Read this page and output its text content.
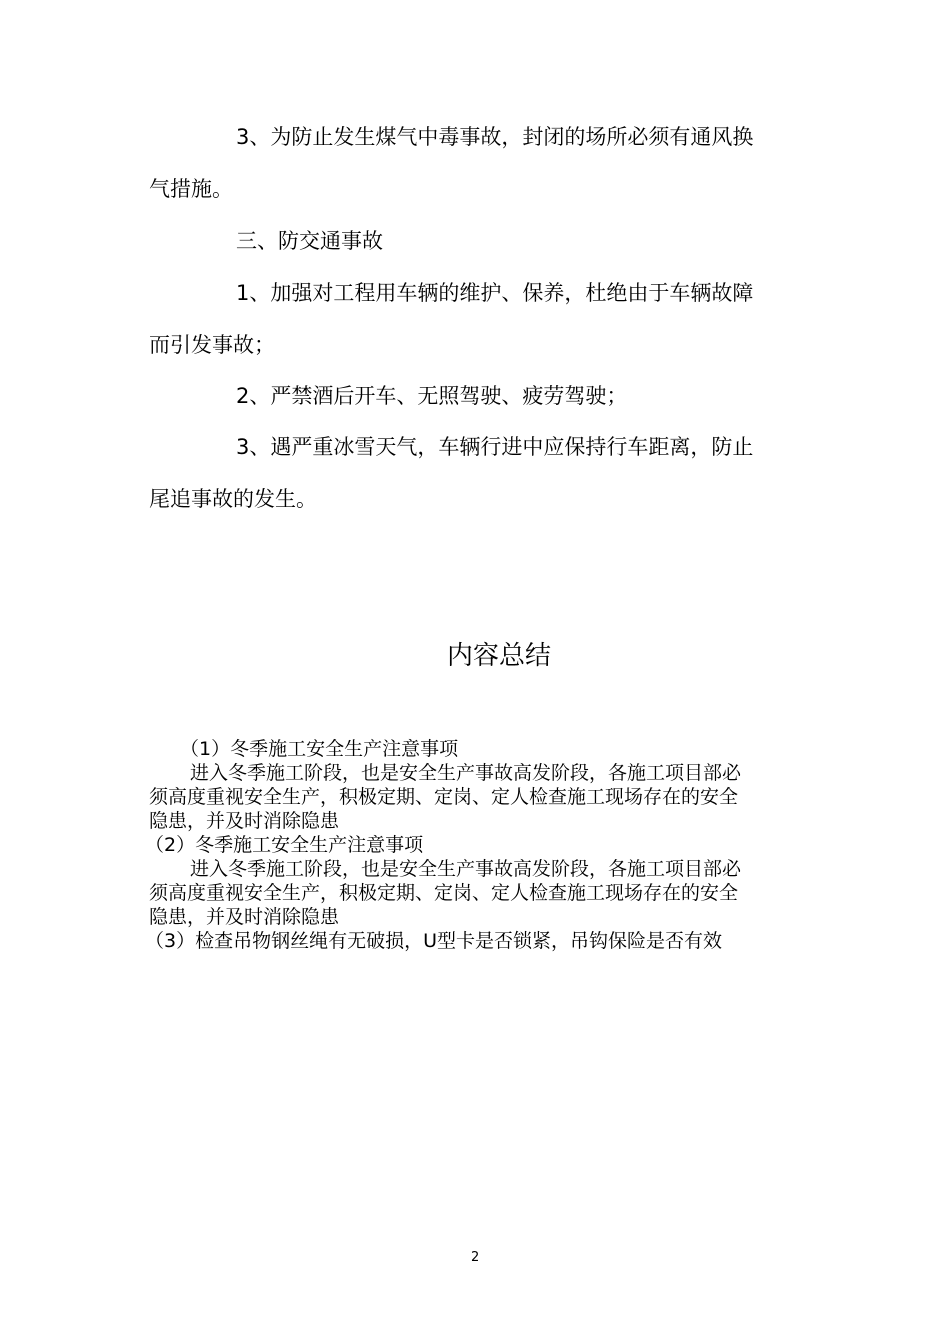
3、为防止发生煤气中毒事故，封闭的场所必须有通风换

气措施。

三、防交通事故

1、加强对工程用车辆的维护、保养，杜绝由于车辆故障

而引发事故；

2、严禁酒后开车、无照驾驶、疲劳驾驶；

3、遇严重冰雪天气，车辆行进中应保持行车距离，防止

尾追事故的发生。

内容总结

（1）冬季施工安全生产注意事项

进入冬季施工阶段，也是安全生产事故高发阶段，各施工项目部必

须高度重视安全生产，积极定期、定岗、定人检查施工现场存在的安全

隐患，并及时消除隐患

（2）冬季施工安全生产注意事项

进入冬季施工阶段，也是安全生产事故高发阶段，各施工项目部必

须高度重视安全生产，积极定期、定岗、定人检查施工现场存在的安全

隐患，并及时消除隐患

（3）检查吊物钢丝绳有无破损，U型卡是否锁紧，吊钩保险是否有效

2
